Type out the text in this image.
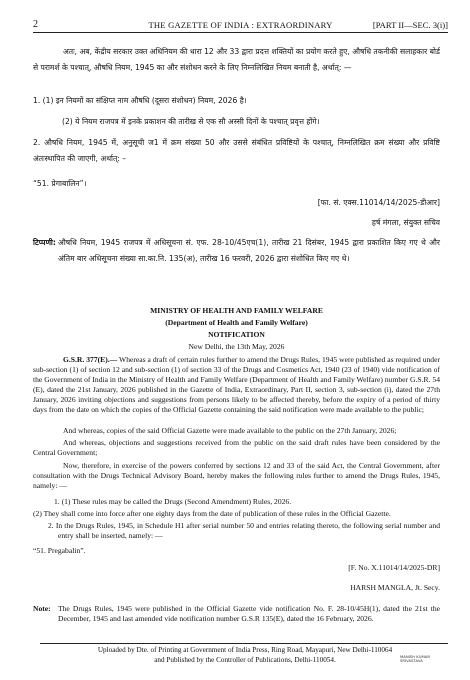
2	THE GAZETTE OF INDIA : EXTRAORDINARY	[PART II—SEC. 3(i)]
अतः, अब, केंद्रीय सरकार उक्त अधिनियम की धारा 12 और 33 द्वारा प्रदत्त शक्तियों का प्रयोग करते हुए, औषधि तकनीकी सलाहकार बोर्ड से परामर्श के पश्चात्, औषधि नियम, 1945 का और संशोधन करने के लिए निम्नलिखित नियम बनाती है, अर्थात्: —
1. (1) इन नियमों का संक्षिप्त नाम औषधि (दूसरा संशोधन) नियम, 2026 है।
(2) ये नियम राजपत्र में इनके प्रकाशन की तारीख से एक सौ अस्सी दिनों के पश्चात् प्रवृत्त होंगे।
2. औषधि नियम, 1945 में, अनुसूची ज1 में क्रम संख्या 50 और उससे संबंधित प्रविष्टियों के पश्चात्, निम्नलिखित क्रम संख्या और प्रविष्टि अंतःस्थापित की जाएगी, अर्थात्: –
“51. प्रेगाबालिन”।
[फा. सं. एक्स.11014/14/2025-डीआर]
हर्ष मंगला, संयुक्त सचिव
टिप्पणी: औषधि नियम, 1945 राजपत्र में अधिसूचना सं. एफ. 28-10/45एच(1), तारीख 21 दिसंबर, 1945 द्वारा प्रकाशित किए गए थे और अंतिम बार अधिसूचना संख्या सा.का.नि. 135(अ), तारीख 16 फरवरी, 2026 द्वारा संशोधित किए गए थे।
MINISTRY OF HEALTH AND FAMILY WELFARE
(Department of Health and Family Welfare)
NOTIFICATION
New Delhi, the 13th May, 2026
G.S.R. 377(E).— Whereas a draft of certain rules further to amend the Drugs Rules, 1945 were published as required under sub-section (1) of section 12 and sub-section (1) of section 33 of the Drugs and Cosmetics Act, 1940 (23 of 1940) vide notification of the Government of India in the Ministry of Health and Family Welfare (Department of Health and Family Welfare) number G.S.R. 54 (E), dated the 21st January, 2026 published in the Gazette of India, Extraordinary, Part II, section 3, sub-section (i), dated the 27th January, 2026 inviting objections and suggestions from persons likely to be affected thereby, before the expiry of a period of thirty days from the date on which the copies of the Official Gazette containing the said notification were made available to the public;
And whereas, copies of the said Official Gazette were made available to the public on the 27th January, 2026;
And whereas, objections and suggestions received from the public on the said draft rules have been considered by the Central Government;
Now, therefore, in exercise of the powers conferred by sections 12 and 33 of the said Act, the Central Government, after consultation with the Drugs Technical Advisory Board, hereby makes the following rules further to amend the Drugs Rules, 1945, namely: —
1. (1) These rules may be called the Drugs (Second Amendment) Rules, 2026.
(2) They shall come into force after one eighty days from the date of publication of these rules in the Official Gazette.
2. In the Drugs Rules, 1945, in Schedule H1 after serial number 50 and entries relating thereto, the following serial number and entry shall be inserted, namely: —
“51. Pregabalin”.
[F. No. X.11014/14/2025-DR]
HARSH MANGLA, Jt. Secy.
Note: The Drugs Rules, 1945 were published in the Official Gazette vide notification No. F. 28-10/45H(1), dated the 21st the December, 1945 and last amended vide notification number G.S.R 135(E), dated the 16 February, 2026.
Uploaded by Dte. of Printing at Government of India Press, Ring Road, Mayapuri, New Delhi-110064
and Published by the Controller of Publications, Delhi-110054.	MANISH KUMAR SRIVASTAVA
